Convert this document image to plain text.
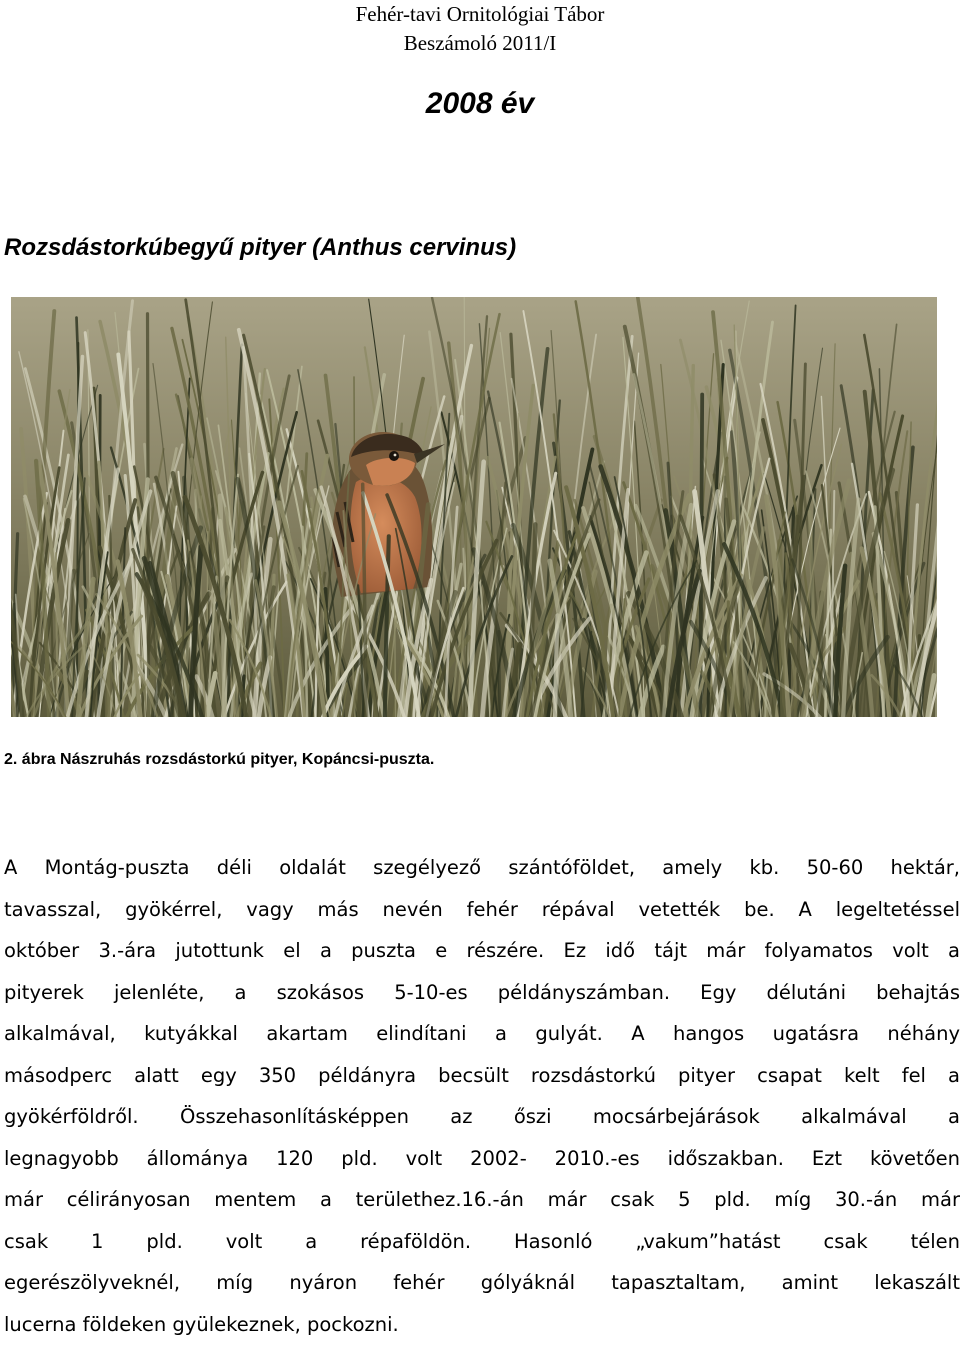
Fehér-tavi Ornitológiai Tábor
Beszámoló 2011/I
2008 év
Rozsdástorkúbegyű pityer (Anthus cervinus)
2. ábra Nászruhás rozsdástorkú pityer, Kopáncsi-puszta.
A Montág-puszta déli oldalát szegélyező szántóföldet, amely kb. 50-60 hektár,
tavasszal, gyökérrel, vagy más nevén fehér répával vetették be. A legeltetéssel
október 3.-ára jutottunk el a puszta e részére. Ez idő tájt már folyamatos volt a
pityerek jelenléte, a szokásos 5-10-es példányszámban. Egy délutáni behajtás
alkalmával, kutyákkal akartam elindítani a gulyát. A hangos ugatásra néhány
másodperc alatt egy 350 példányra becsült rozsdástorkú pityer csapat kelt fel a
gyökérföldről. Összehasonlításképpen az őszi mocsárbejárások alkalmával a
legnagyobb állománya 120 pld. volt 2002- 2010.-es időszakban. Ezt követően
már célirányosan mentem a területhez.16.-án már csak 5 pld. míg 30.-án már
csak 1 pld. volt a répaföldön. Hasonló „vakum”hatást csak télen
egerészölyveknél, míg nyáron fehér gólyáknál tapasztaltam, amint lekaszált
lucerna földeken gyülekeznek, pockozni.
